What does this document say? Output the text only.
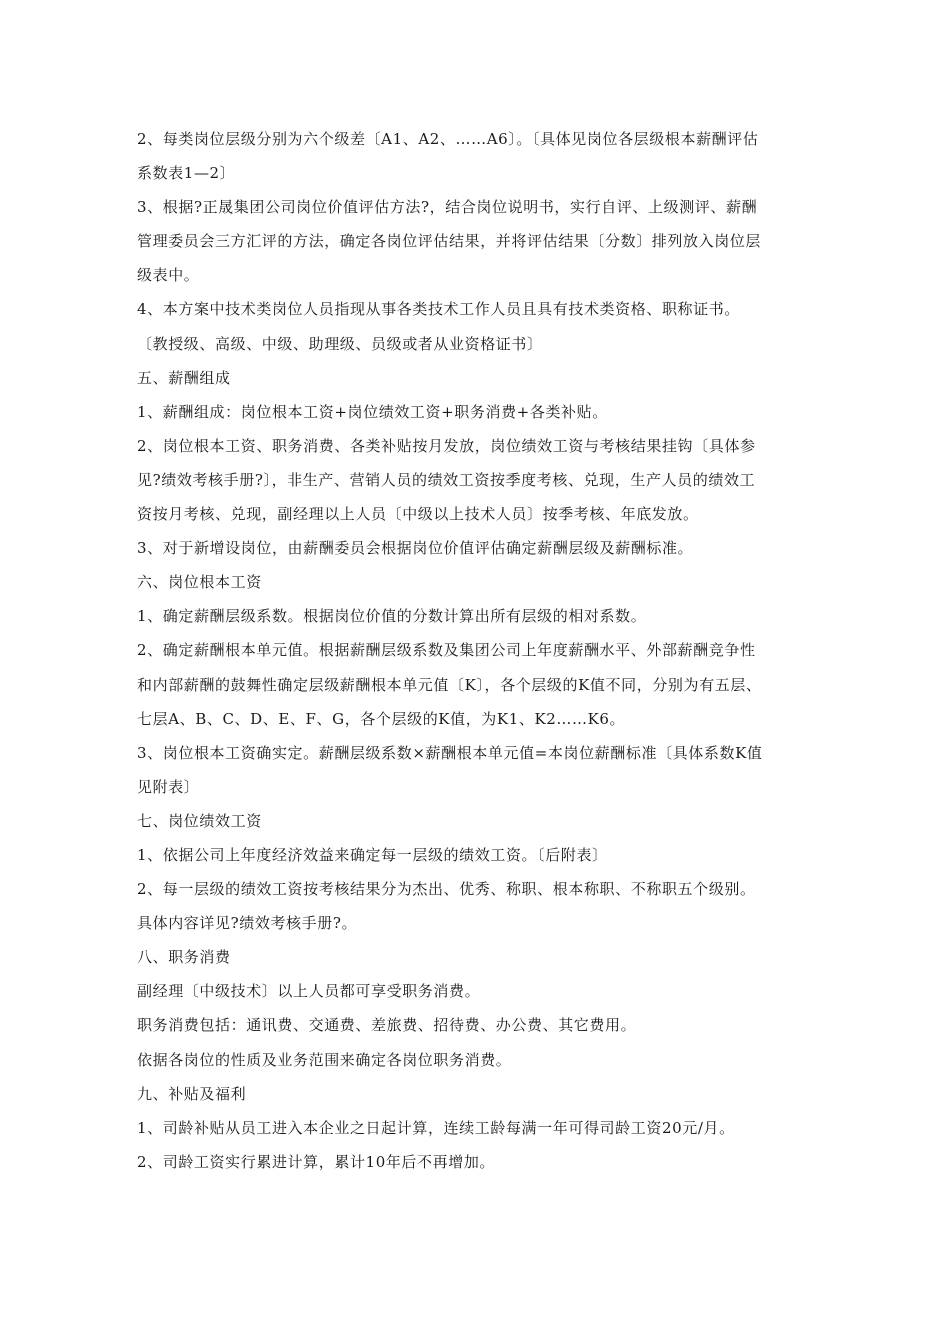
2、每类岗位层级分别为六个级差〔A1、A2、……A6〕。〔具体见岗位各层级根本薪酬评估
系数表1—2〕
3、根据?正晟集团公司岗位价值评估方法?，结合岗位说明书，实行自评、上级测评、薪酬
管理委员会三方汇评的方法，确定各岗位评估结果，并将评估结果〔分数〕排列放入岗位层
级表中。
4、本方案中技术类岗位人员指现从事各类技术工作人员且具有技术类资格、职称证书。
〔教授级、高级、中级、助理级、员级或者从业资格证书〕
五、薪酬组成
1、薪酬组成：岗位根本工资+岗位绩效工资+职务消费+各类补贴。
2、岗位根本工资、职务消费、各类补贴按月发放，岗位绩效工资与考核结果挂钩〔具体参
见?绩效考核手册?〕，非生产、营销人员的绩效工资按季度考核、兑现，生产人员的绩效工
资按月考核、兑现，副经理以上人员〔中级以上技术人员〕按季考核、年底发放。
3、对于新增设岗位，由薪酬委员会根据岗位价值评估确定薪酬层级及薪酬标准。
六、岗位根本工资
1、确定薪酬层级系数。根据岗位价值的分数计算出所有层级的相对系数。
2、确定薪酬根本单元值。根据薪酬层级系数及集团公司上年度薪酬水平、外部薪酬竞争性
和内部薪酬的鼓舞性确定层级薪酬根本单元值〔K〕，各个层级的K值不同，分别为有五层、
七层A、B、C、D、E、F、G，各个层级的K值，为K1、K2……K6。
3、岗位根本工资确实定。薪酬层级系数×薪酬根本单元值=本岗位薪酬标准〔具体系数K值
见附表〕
七、岗位绩效工资
1、依据公司上年度经济效益来确定每一层级的绩效工资。〔后附表〕
2、每一层级的绩效工资按考核结果分为杰出、优秀、称职、根本称职、不称职五个级别。
具体内容详见?绩效考核手册?。
八、职务消费
副经理〔中级技术〕以上人员都可享受职务消费。
职务消费包括：通讯费、交通费、差旅费、招待费、办公费、其它费用。
依据各岗位的性质及业务范围来确定各岗位职务消费。
九、补贴及福利
1、司龄补贴从员工进入本企业之日起计算，连续工龄每满一年可得司龄工资20元/月。
2、司龄工资实行累进计算，累计10年后不再增加。
